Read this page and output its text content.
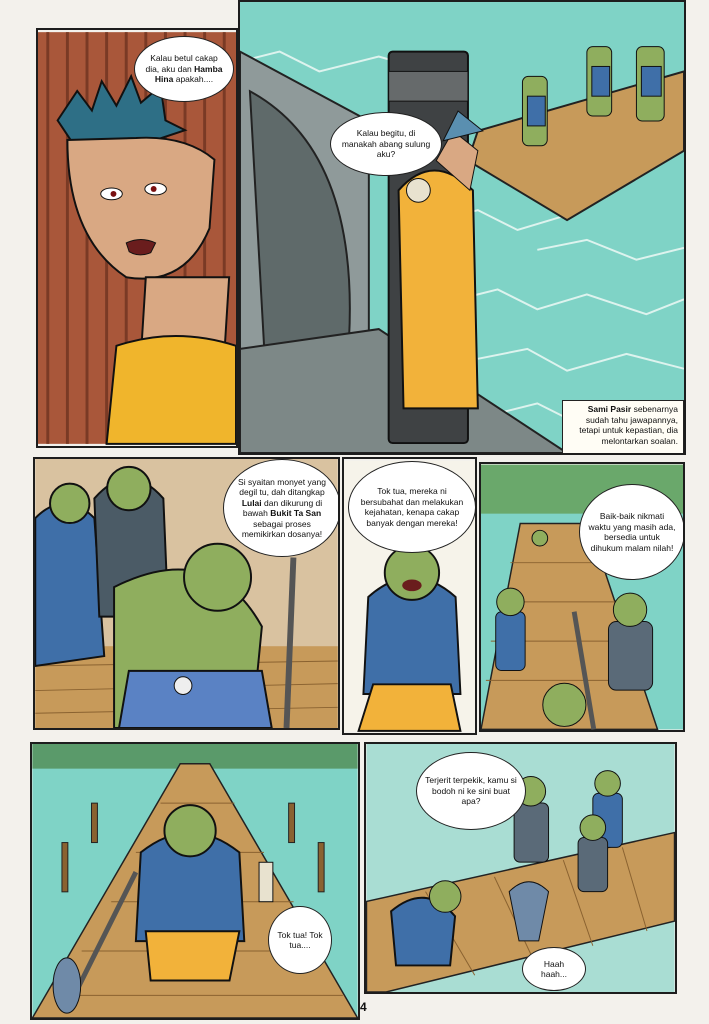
Kalau betul cakap dia, aku dan Hamba Hina apakah....
Kalau begitu, di manakah abang sulung aku?
Sami Pasir sebenarnya sudah tahu jawapannya, tetapi untuk kepastian, dia melontarkan soalan.
Si syaitan monyet yang degil tu, dah ditangkap Lulai dan dikurung di bawah Bukit Ta San sebagai proses memikirkan dosanya!
Tok tua, mereka ni bersubahat dan melakukan kejahatan, kenapa cakap banyak dengan mereka!
Baik-baik nikmati waktu yang masih ada, bersedia untuk dihukum malam nilah!
Tok tua! Tok tua....
Terjerit terpekik, kamu si bodoh ni ke sini buat apa?
Haah haah...
4
